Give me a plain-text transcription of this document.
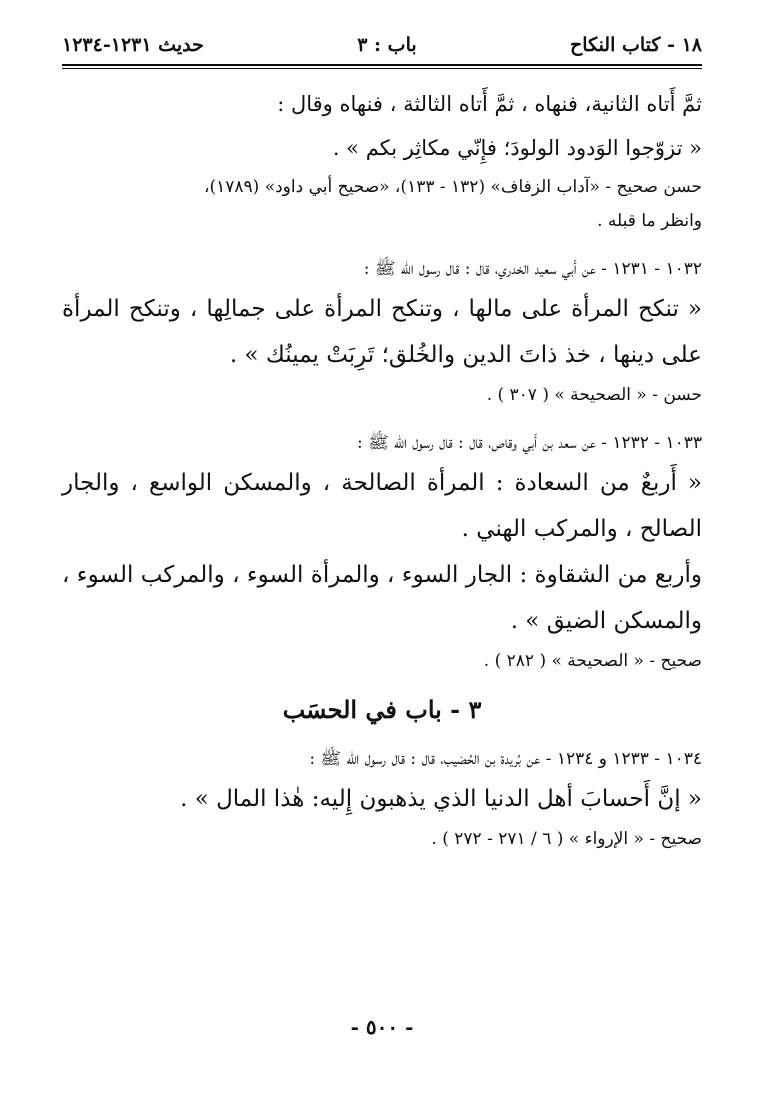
١٨ - كتاب النكاح
باب : ٣
حديث ١٢٣١-١٢٣٤

ثمَّ أَتاه الثانية، فنهاه ، ثمَّ أَتاه الثالثة ، فنهاه وقال :

« تزوّجوا الوَدود الولودَ؛ فإِنّي مكاثِر بكم » .

حسن صحيح - «آداب الزفاف» (١٣٢ - ١٣٣)، «صحيح أبي داود» (١٧٨٩)،

وانظر ما قبله .

١٠٣٢ - ١٢٣١ - عن أَبي سعيد الخدري، قال : قال رسول الله ﷺ :

« تنكح المرأة على مالها ، وتنكح المرأة على جمالِها ، وتنكح المرأة على دينها ، خذ ذاتَ الدين والخُلق؛ تَرِبَتْ يمينُك » .

حسن - « الصحيحة » ( ٣٠٧ ) .

١٠٣٣ - ١٢٣٢ - عن سعد بن أَبي وقاص، قال : قال رسول الله ﷺ :

« أَربعٌ من السعادة : المرأة الصالحة ، والمسكن الواسع ، والجار الصالح ، والمركب الهني .

وأربع من الشقاوة : الجار السوء ، والمرأة السوء ، والمركب السوء ، والمسكن الضيق » .

صحيح - « الصحيحة » ( ٢٨٢ ) .

٣ - باب في الحسَب

١٠٣٤ - ١٢٣٣ و ١٢٣٤ - عن بُريدة بن الحُصَيب، قال : قال رسول الله ﷺ :

« إنَّ أَحسابَ أهل الدنيا الذي يذهبون إِليه: هٰذا المال » .

صحيح - « الإرواء » ( ٦ / ٢٧١ - ٢٧٢ ) .

- ٥٠٠ -
